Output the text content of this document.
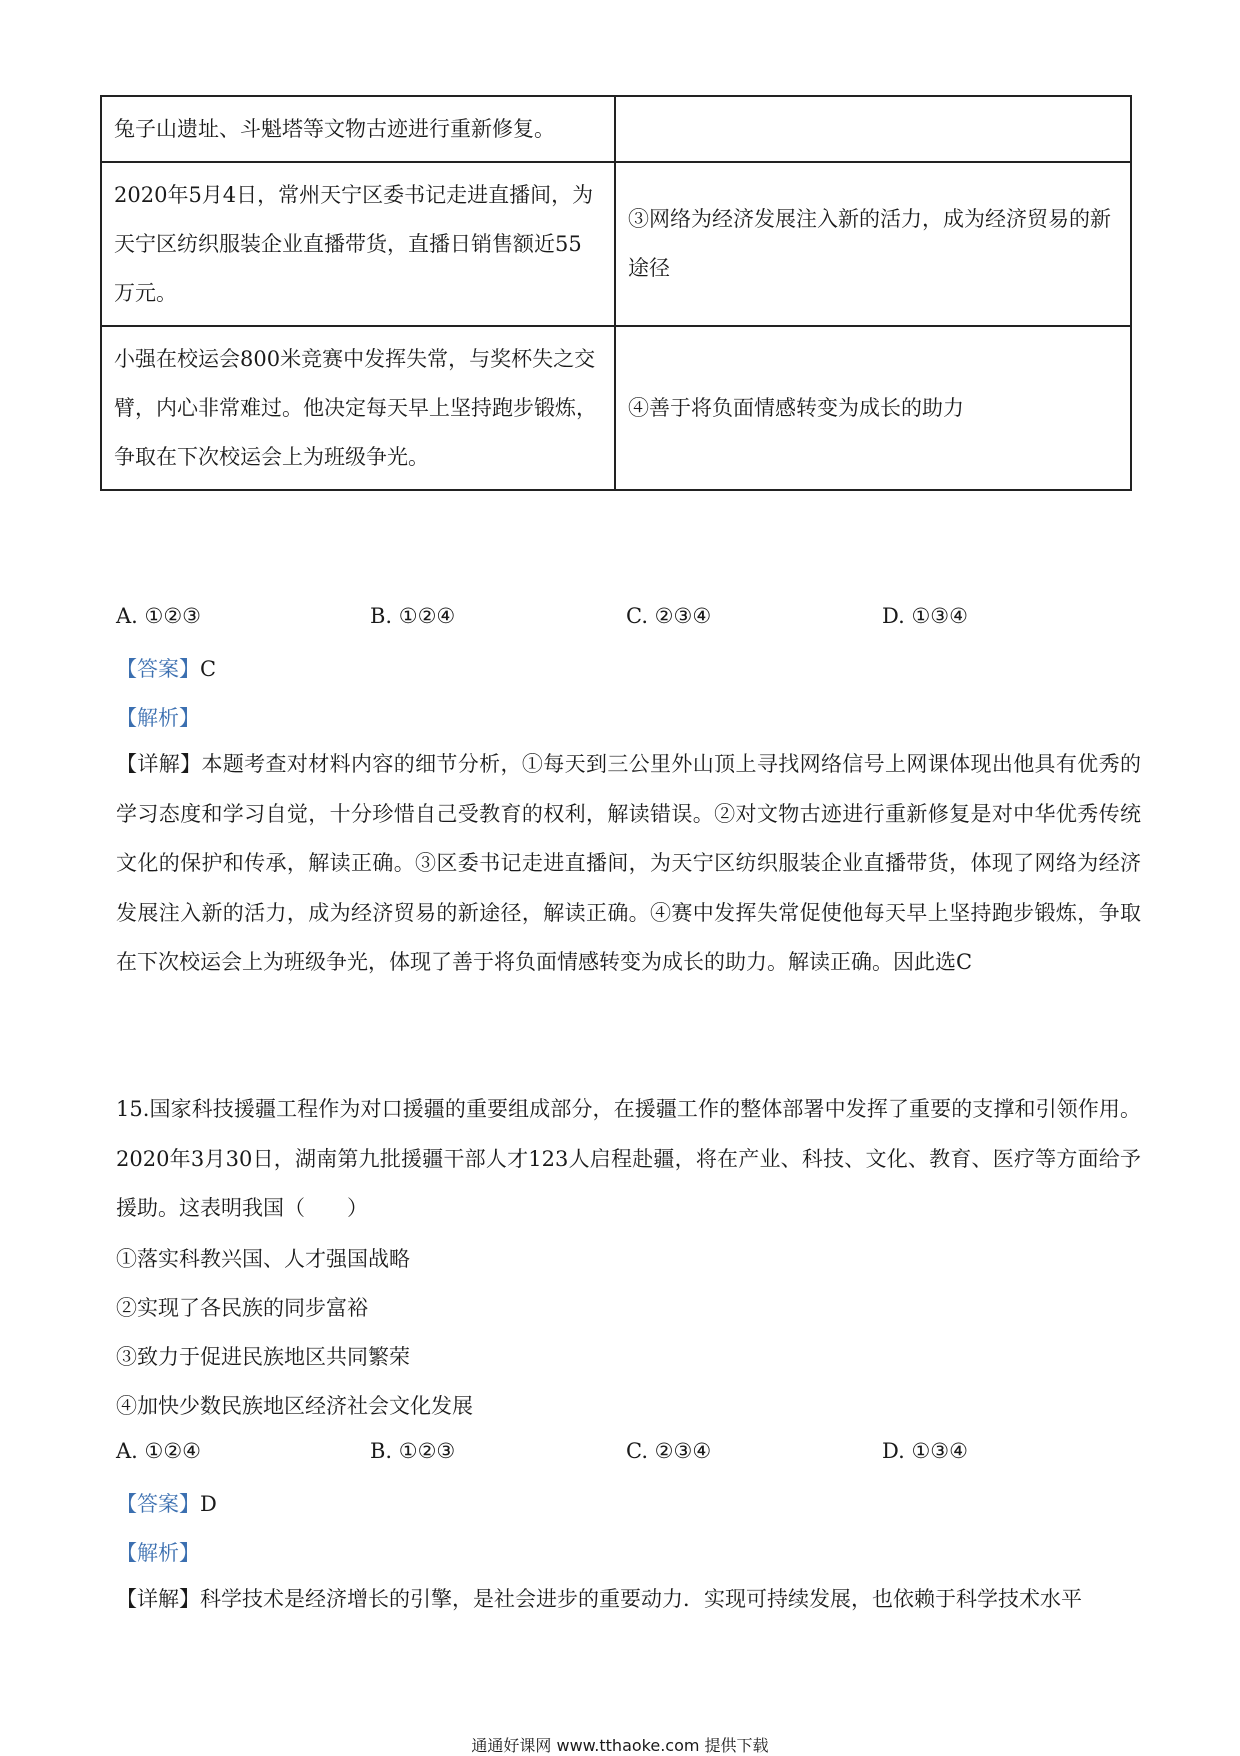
兔子山遗址、斗魁塔等文物古迹进行重新修复。	
2020年5月4日，常州天宁区委书记走进直播间，为天宁区纺织服装企业直播带货，直播日销售额近55万元。	③网络为经济发展注入新的活力，成为经济贸易的新途径
小强在校运会800米竞赛中发挥失常，与奖杯失之交臂，内心非常难过。他决定每天早上坚持跑步锻炼，争取在下次校运会上为班级争光。	④善于将负面情感转变为成长的助力
A. ①②③	B. ①②④	C. ②③④	D. ①③④
【答案】C
【解析】
【详解】本题考查对材料内容的细节分析，①每天到三公里外山顶上寻找网络信号上网课体现出他具有优秀的学习态度和学习自觉，十分珍惜自己受教育的权利，解读错误。②对文物古迹进行重新修复是对中华优秀传统文化的保护和传承，解读正确。③区委书记走进直播间，为天宁区纺织服装企业直播带货，体现了网络为经济发展注入新的活力，成为经济贸易的新途径，解读正确。④赛中发挥失常促使他每天早上坚持跑步锻炼，争取在下次校运会上为班级争光，体现了善于将负面情感转变为成长的助力。解读正确。因此选C
15.国家科技援疆工程作为对口援疆的重要组成部分，在援疆工作的整体部署中发挥了重要的支撑和引领作用。2020年3月30日，湖南第九批援疆干部人才123人启程赴疆，将在产业、科技、文化、教育、医疗等方面给予援助。这表明我国（　　）
①落实科教兴国、人才强国战略
②实现了各民族的同步富裕
③致力于促进民族地区共同繁荣
④加快少数民族地区经济社会文化发展
A. ①②④	B. ①②③	C. ②③④	D. ①③④
【答案】D
【解析】
【详解】科学技术是经济增长的引擎，是社会进步的重要动力．实现可持续发展，也依赖于科学技术水平
通通好课网 www.tthaoke.com 提供下载
